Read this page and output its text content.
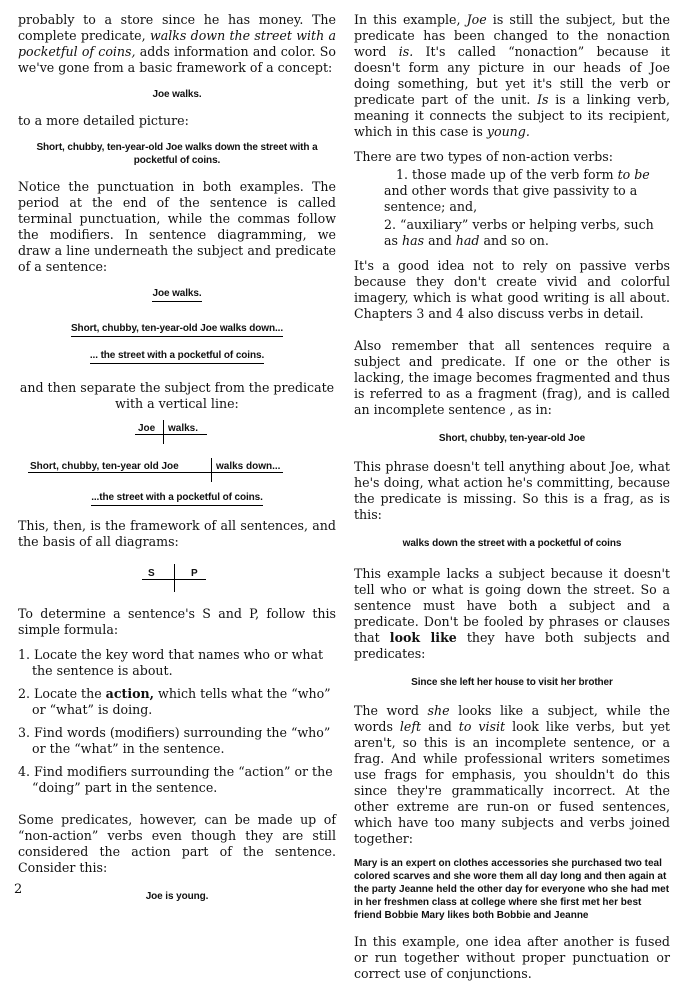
probably to a store since he has money. The complete predicate, walks down the street with a pocketful of coins, adds information and color. So we've gone from a basic framework of a concept:

Joe walks.

to a more detailed picture:

Short, chubby, ten-year-old Joe walks down the street with a pocketful of coins.

Notice the punctuation in both examples. The period at the end of the sentence is called terminal punctuation, while the commas follow the modifiers. In sentence diagramming, we draw a line underneath the subject and predicate of a sentence:

Joe walks.
Short, chubby, ten-year-old Joe walks down...
... the street with a pocketful of coins.

and then separate the subject from the predicate with a vertical line:

Joe walks.
Short, chubby, ten-year old Joe	walks down...
...the street with a pocketful of coins.

This, then, is the framework of all sentences, and the basis of all diagrams:

S	P

To determine a sentence's S and P, follow this simple formula:

1. Locate the key word that names who or what the sentence is about.
2. Locate the action, which tells what the “who” or “what” is doing.
3. Find words (modifiers) surrounding the “who” or the “what” in the sentence.
4. Find modifiers surrounding the “action” or the “doing” part in the sentence.

Some predicates, however, can be made up of “non-action” verbs even though they are still considered the action part of the sentence. Consider this:

Joe is young.

In this example, Joe is still the subject, but the predicate has been changed to the nonaction word is. It's called “nonaction” because it doesn't form any picture in our heads of Joe doing something, but yet it's still the verb or predicate part of the unit. Is is a linking verb, meaning it connects the subject to its recipient, which in this case is young.

There are two types of non-action verbs:

1. those made up of the verb form to be
and other words that give passivity to a sentence; and,
2. “auxiliary” verbs or helping verbs, such as has and had and so on.

It's a good idea not to rely on passive verbs because they don't create vivid and colorful imagery, which is what good writing is all about. Chapters 3 and 4 also discuss verbs in detail.

Also remember that all sentences require a subject and predicate. If one or the other is lacking, the image becomes fragmented and thus is referred to as a fragment (frag), and is called an incomplete sentence , as in:

Short, chubby, ten-year-old Joe

This phrase doesn't tell anything about Joe, what he's doing, what action he's committing, because the predicate is missing. So this is a frag, as is this:

walks down the street with a pocketful of coins

This example lacks a subject because it doesn't tell who or what is going down the street. So a sentence must have both a subject and a predicate. Don't be fooled by phrases or clauses that look like they have both subjects and predicates:

Since she left her house to visit her brother

The word she looks like a subject, while the words left and to visit look like verbs, but yet aren't, so this is an incomplete sentence, or a frag. And while professional writers sometimes use frags for emphasis, you shouldn't do this since they're grammatically incorrect. At the other extreme are run-on or fused sentences, which have too many subjects and verbs joined together:

Mary is an expert on clothes accessories she purchased two teal colored scarves and she wore them all day long and then again at the party Jeanne held the other day for everyone who she had met in her freshmen class at college where she first met her best friend Bobbie Mary likes both Bobbie and Jeanne

In this example, one idea after another is fused or run together without proper punctuation or correct use of conjunctions.

2
